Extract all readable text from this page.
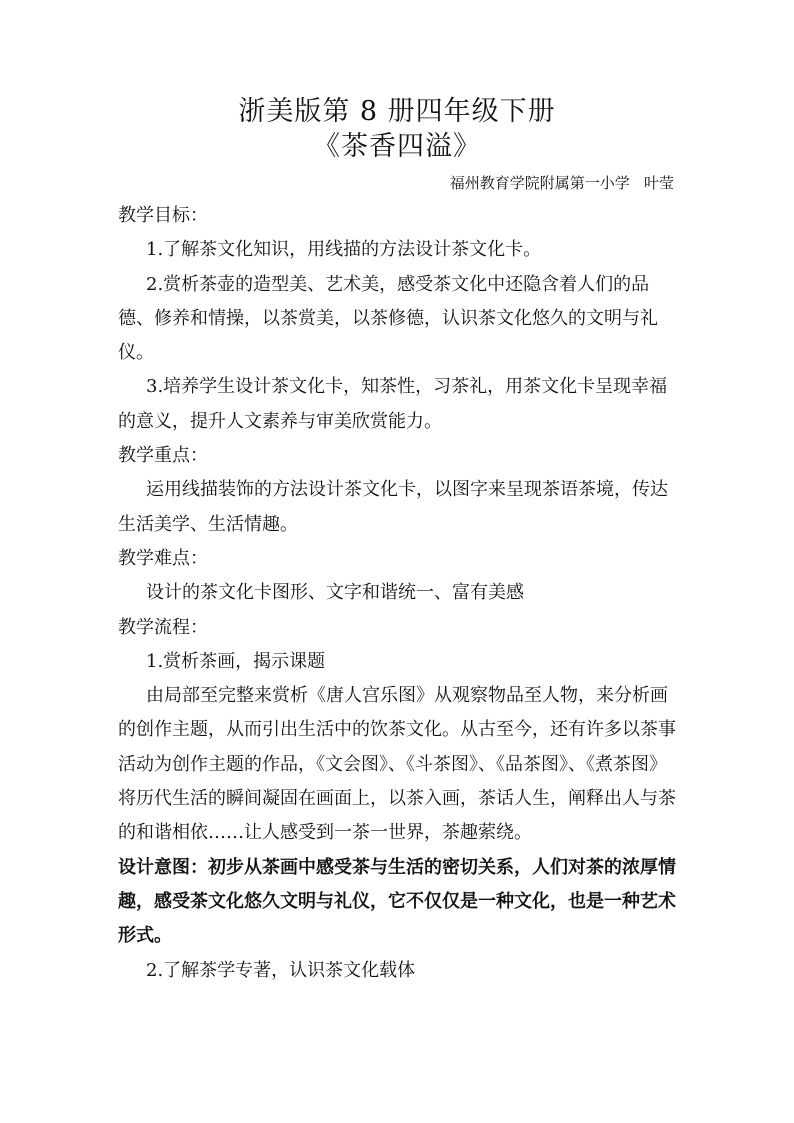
浙美版第 8 册四年级下册
《茶香四溢》
福州教育学院附属第一小学   叶莹

教学目标：

1.了解茶文化知识，用线描的方法设计茶文化卡。

2.赏析茶壶的造型美、艺术美，感受茶文化中还隐含着人们的品德、修养和情操，以茶赏美，以茶修德，认识茶文化悠久的文明与礼仪。

3.培养学生设计茶文化卡，知茶性，习茶礼，用茶文化卡呈现幸福的意义，提升人文素养与审美欣赏能力。

教学重点：

运用线描装饰的方法设计茶文化卡，以图字来呈现茶语茶境，传达生活美学、生活情趣。

教学难点：

设计的茶文化卡图形、文字和谐统一、富有美感

教学流程：

1.赏析茶画，揭示课题

由局部至完整来赏析《唐人宫乐图》从观察物品至人物，来分析画的创作主题，从而引出生活中的饮茶文化。从古至今，还有许多以茶事活动为创作主题的作品，《文会图》、《斗茶图》、《品茶图》、《煮茶图》将历代生活的瞬间凝固在画面上，以茶入画，茶话人生，阐释出人与茶的和谐相依……让人感受到一茶一世界，茶趣萦绕。

设计意图：初步从茶画中感受茶与生活的密切关系，人们对茶的浓厚情趣，感受茶文化悠久文明与礼仪，它不仅仅是一种文化，也是一种艺术形式。

2.了解茶学专著，认识茶文化载体
